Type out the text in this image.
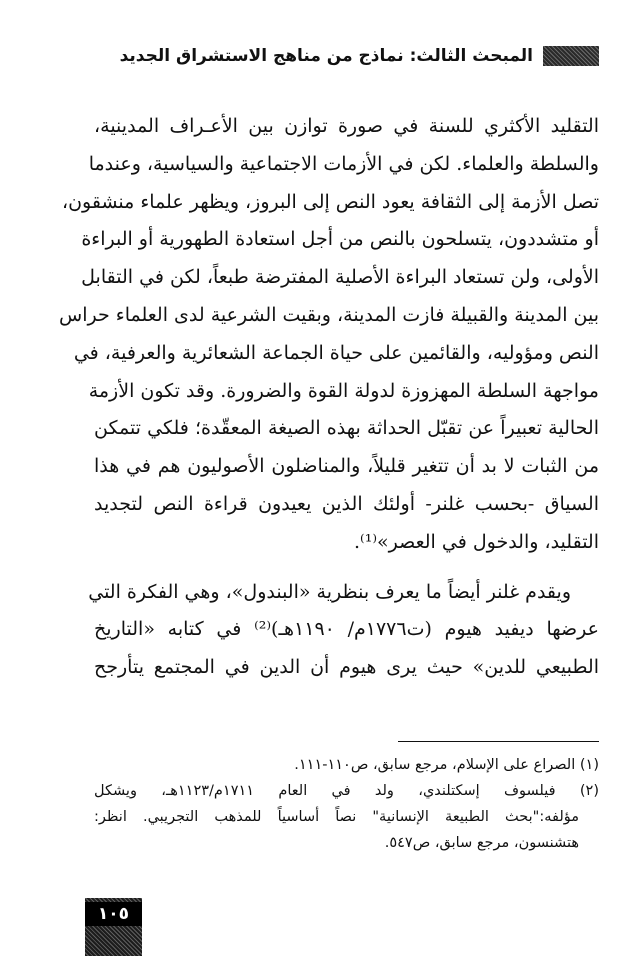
المبحث الثالث: نماذج من مناهج الاستشراق الجديد
التقليد الأكثري للسنة في صورة توازن بين الأعـراف المدينية،
والسلطة والعلماء. لكن في الأزمات الاجتماعية والسياسية، وعندما
تصل الأزمة إلى الثقافة يعود النص إلى البروز، ويظهر علماء منشقون،
أو متشددون، يتسلحون بالنص من أجل استعادة الطهورية أو البراءة
الأولى، ولن تستعاد البراءة الأصلية المفترضة طبعاً، لكن في التقابل
بين المدينة والقبيلة فازت المدينة، وبقيت الشرعية لدى العلماء حراس
النص ومؤوليه، والقائمين على حياة الجماعة الشعائرية والعرفية، في
مواجهة السلطة المهزوزة لدولة القوة والضرورة. وقد تكون الأزمة
الحالية تعبيراً عن تقبّل الحداثة بهذه الصيغة المعقّدة؛ فلكي تتمكن
من الثبات لا بد أن تتغير قليلاً، والمناضلون الأصوليون هم في هذا
السياق -بحسب غلنر- أولئك الذين يعيدون قراءة النص لتجديد
التقليد، والدخول في العصر»⁽¹⁾.
ويقدم غلنر أيضاً ما يعرف بنظرية «البندول»، وهي الفكرة التي
عرضها ديفيد هيوم (ت١٧٧٦م/ ١١٩٠هـ)⁽²⁾ في كتابه «التاريخ
الطبيعي للدين» حيث يرى هيوم أن الدين في المجتمع يتأرجح
(١) الصراع على الإسلام، مرجع سابق، ص١١٠-١١١.
(٢) فيلسوف إسكتلندي، ولد في العام ١٧١١م/١١٢٣هـ، ويشكل
مؤلفه:"بحث الطبيعة الإنسانية" نصاً أساسياً للمذهب التجريبي. انظر:
هتشنسون، مرجع سابق، ص٥٤٧.
١٠٥
